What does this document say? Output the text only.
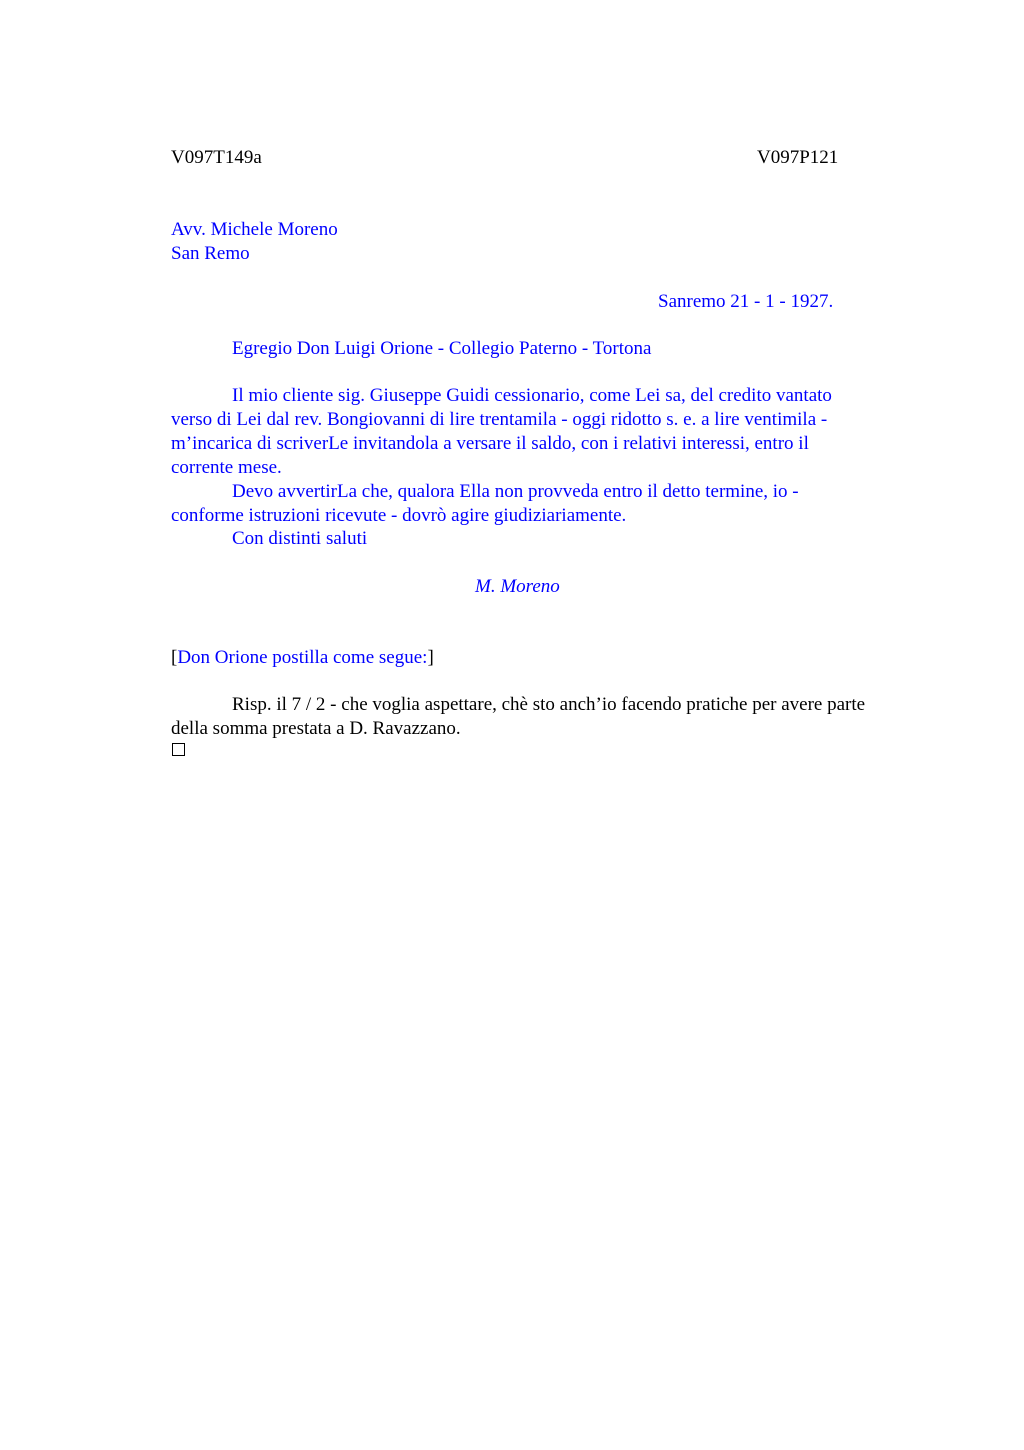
V097T149a	V097P121
Avv. Michele Moreno
San Remo
Sanremo 21 - 1 - 1927.
Egregio Don Luigi Orione - Collegio Paterno - Tortona
Il mio cliente sig. Giuseppe Guidi cessionario, come Lei sa, del credito vantato
verso di Lei dal rev. Bongiovanni di lire trentamila - oggi ridotto s. e. a lire ventimila -
m’incarica di scriverLe invitandola a versare il saldo, con i relativi interessi, entro il
corrente mese.
Devo avvertirLa che, qualora Ella non provveda entro il detto termine, io -
conforme istruzioni ricevute - dovrò agire giudiziariamente.
Con distinti saluti
M. Moreno
[Don Orione postilla come segue:]
Risp. il 7 / 2 - che voglia aspettare, chè sto anch’io facendo pratiche per avere parte
della somma prestata a D. Ravazzano.
